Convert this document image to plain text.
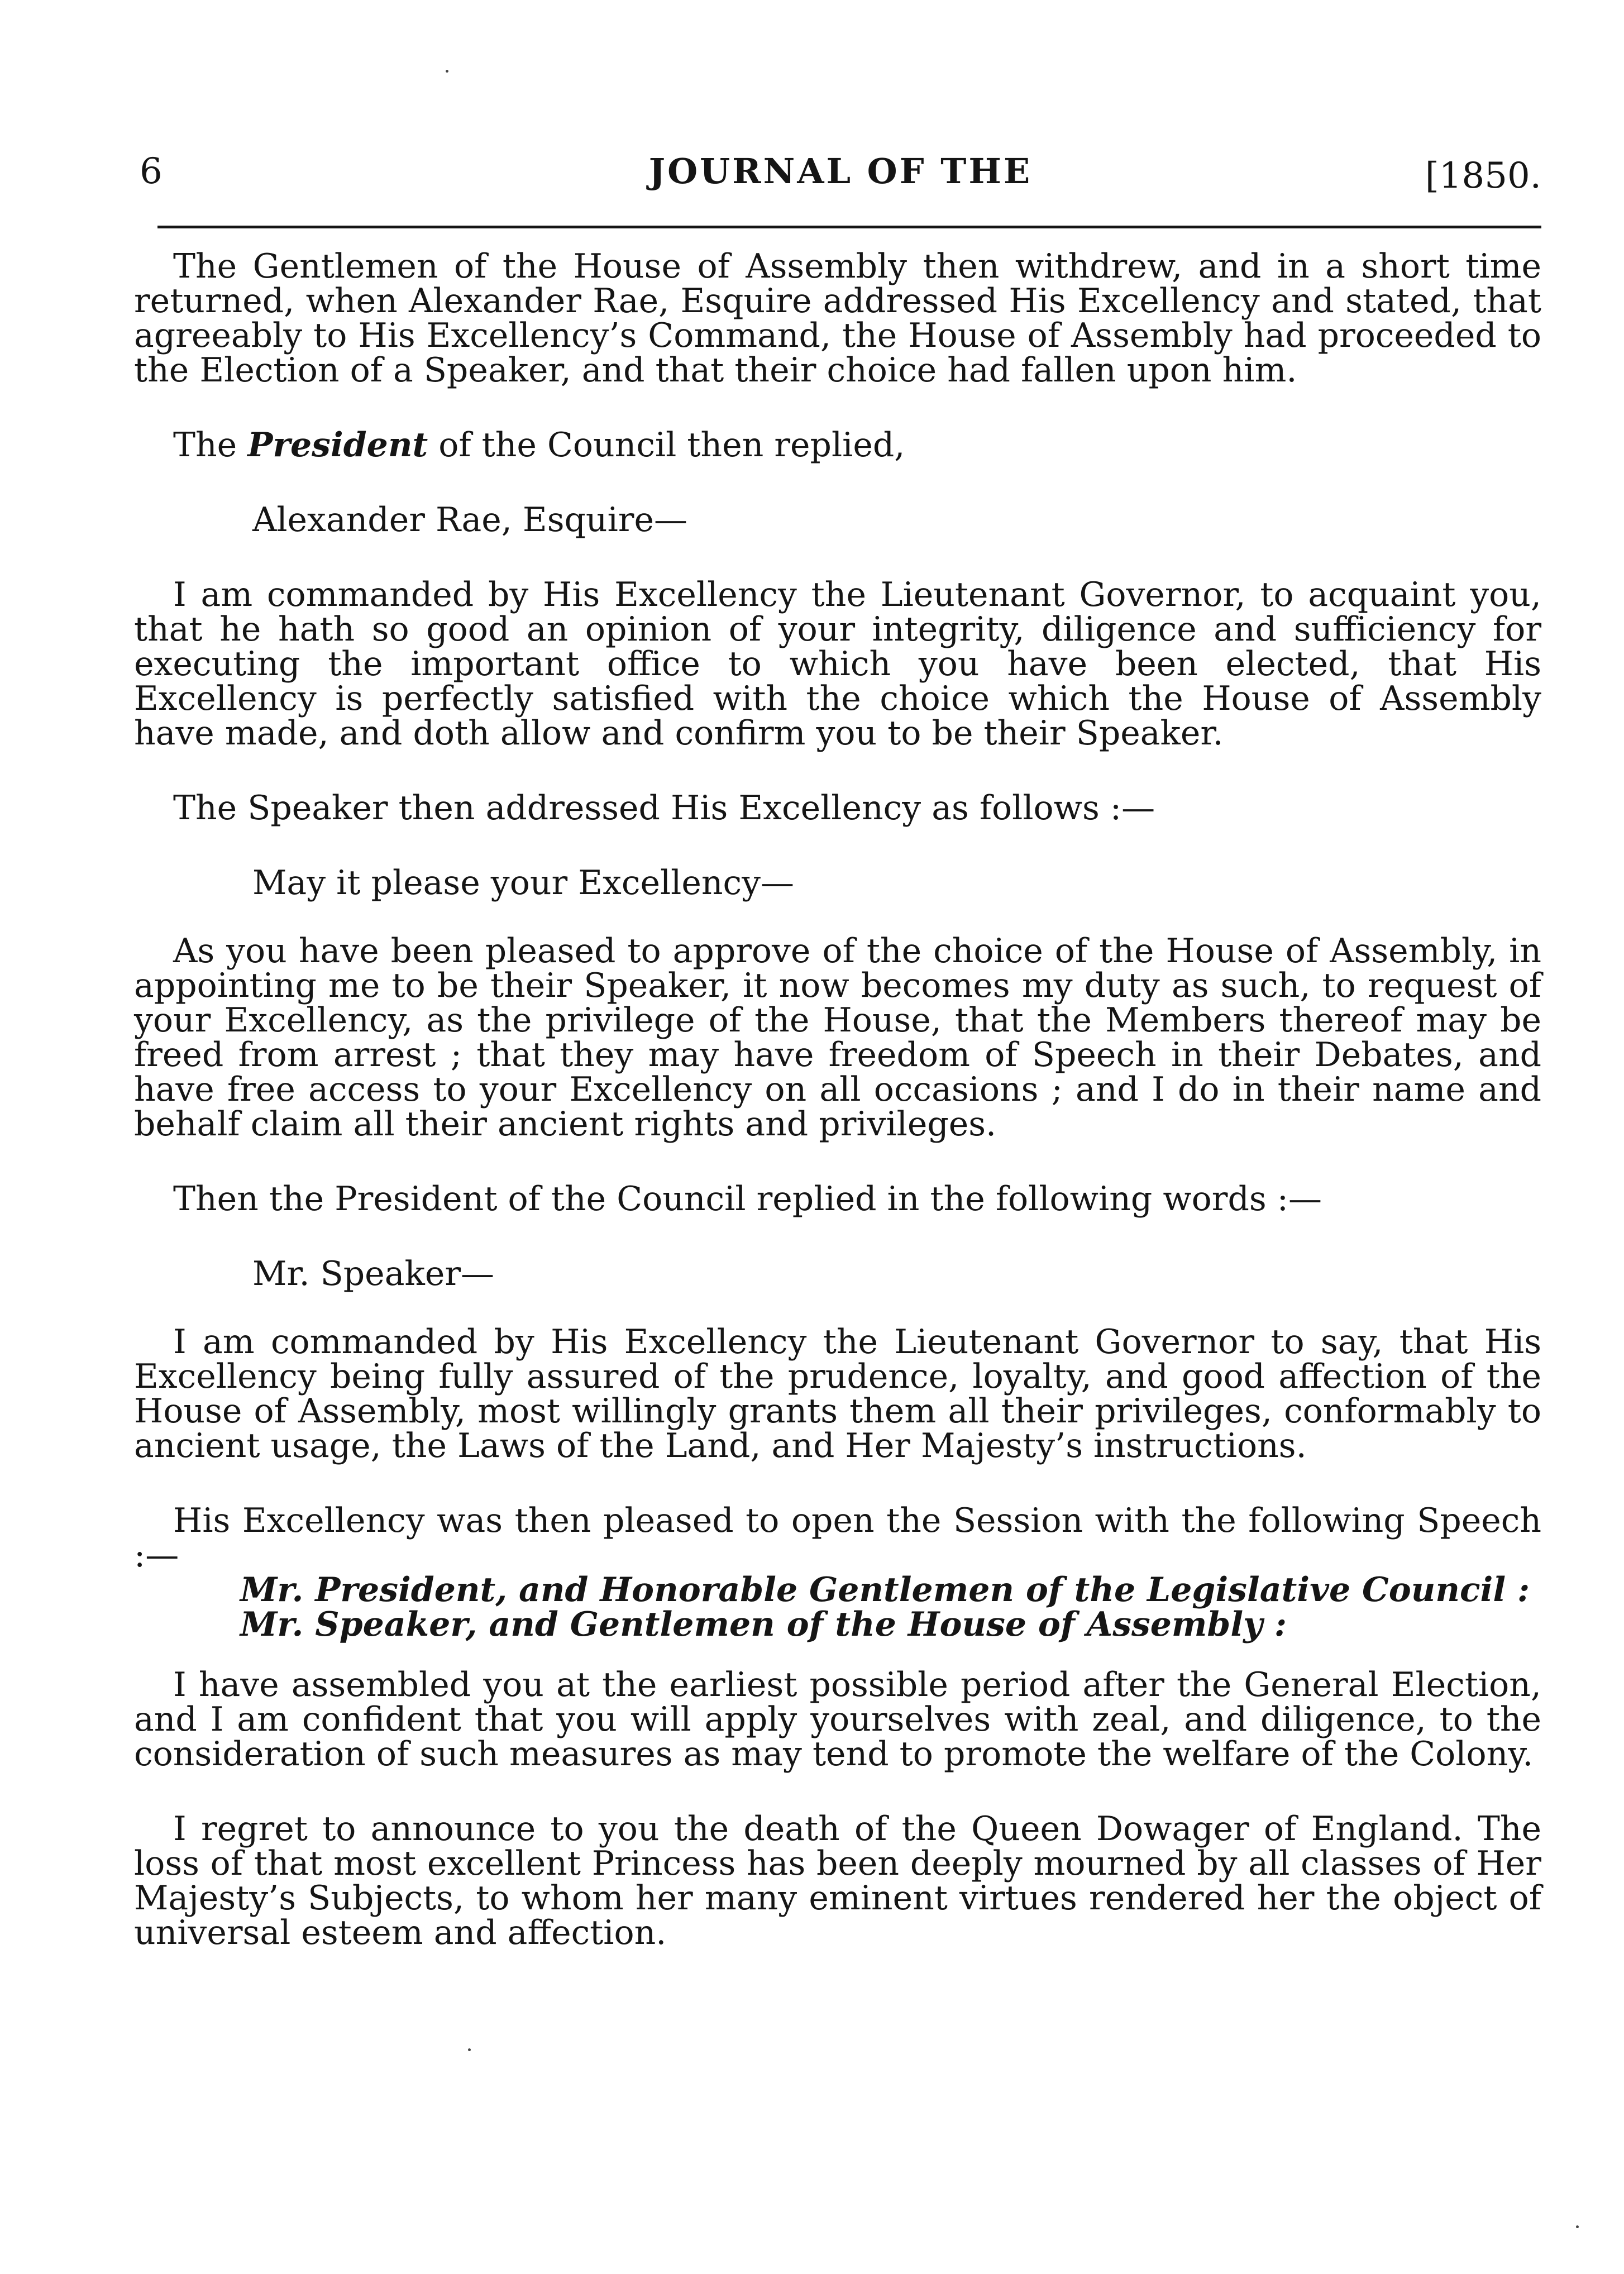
6	JOURNAL OF THE	[1850.

The Gentlemen of the House of Assembly then withdrew, and in a short time returned, when Alexander Rae, Esquire addressed His Excellency and stated, that agreeably to His Excellency’s Command, the House of Assembly had proceeded to the Election of a Speaker, and that their choice had fallen upon him.

The President of the Council then replied,

Alexander Rae, Esquire—

I am commanded by His Excellency the Lieutenant Governor, to acquaint you, that he hath so good an opinion of your integrity, diligence and sufficiency for executing the important office to which you have been elected, that His Excellency is perfectly satisfied with the choice which the House of Assembly have made, and doth allow and confirm you to be their Speaker.

The Speaker then addressed His Excellency as follows :—

May it please your Excellency—

As you have been pleased to approve of the choice of the House of Assembly, in appointing me to be their Speaker, it now becomes my duty as such, to request of your Excellency, as the privilege of the House, that the Members thereof may be freed from arrest ; that they may have freedom of Speech in their Debates, and have free access to your Excellency on all occasions ; and I do in their name and behalf claim all their ancient rights and privileges.

Then the President of the Council replied in the following words :—

Mr. Speaker—

I am commanded by His Excellency the Lieutenant Governor to say, that His Excellency being fully assured of the prudence, loyalty, and good affection of the House of Assembly, most willingly grants them all their privileges, conformably to ancient usage, the Laws of the Land, and Her Majesty’s instructions.

His Excellency was then pleased to open the Session with the following Speech :—

Mr. President, and Honorable Gentlemen of the Legislative Council :

Mr. Speaker, and Gentlemen of the House of Assembly :

I have assembled you at the earliest possible period after the General Election, and I am confident that you will apply yourselves with zeal, and diligence, to the consideration of such measures as may tend to promote the welfare of the Colony.

I regret to announce to you the death of the Queen Dowager of England. The loss of that most excellent Princess has been deeply mourned by all classes of Her Majesty’s Subjects, to whom her many eminent virtues rendered her the object of universal esteem and affection.
